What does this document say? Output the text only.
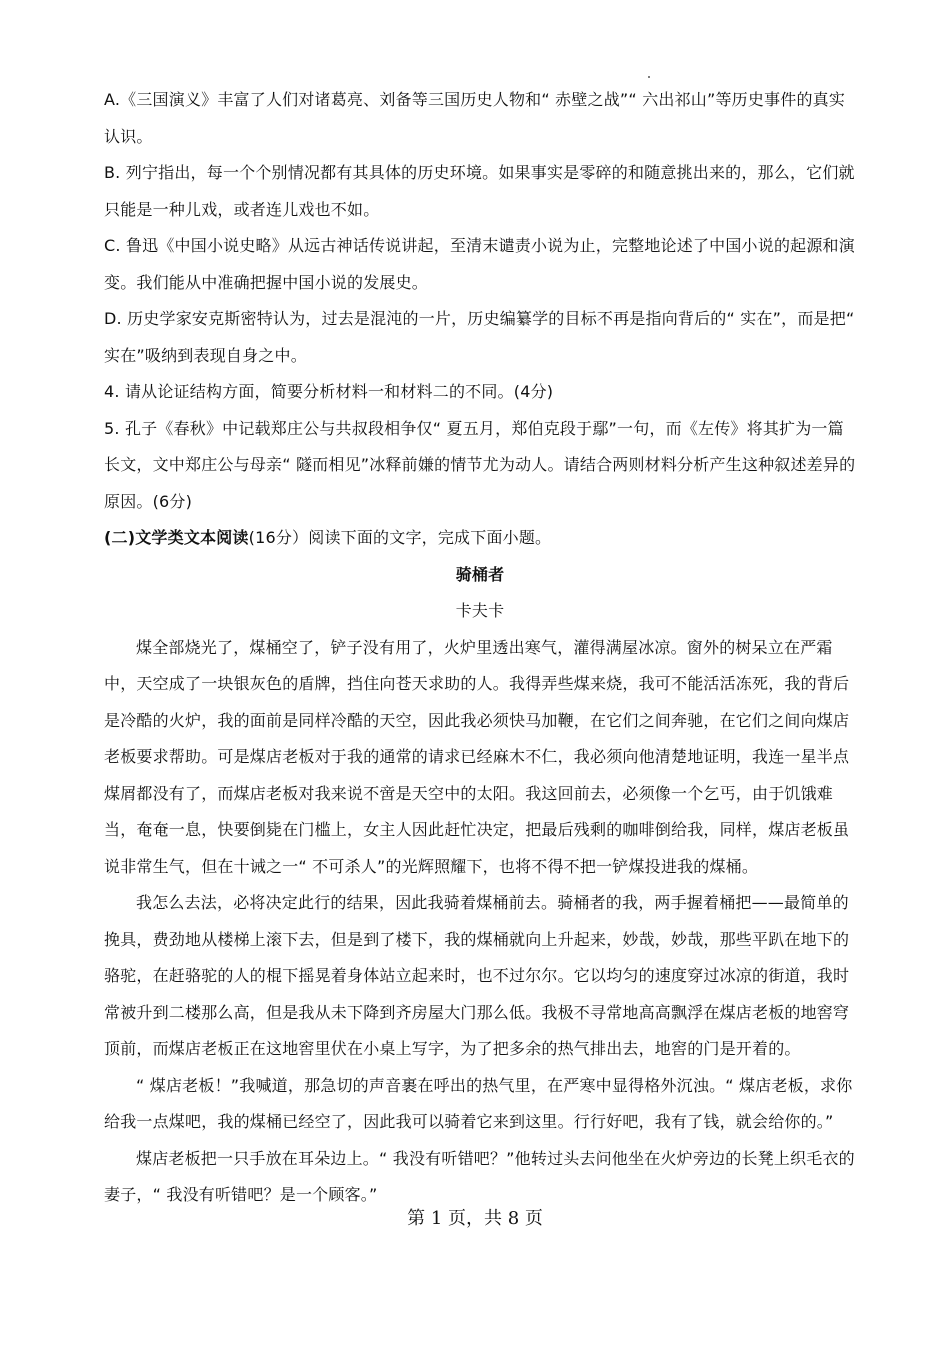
A.《三国演义》丰富了人们对诸葛亮、刘备等三国历史人物和“ 赤壁之战”“ 六出祁山”等历史事件的真实认识。

B. 列宁指出，每一个个别情况都有其具体的历史环境。如果事实是零碎的和随意挑出来的，那么，它们就只能是一种儿戏，或者连儿戏也不如。

C. 鲁迅《中国小说史略》从远古神话传说讲起，至清末谴责小说为止，完整地论述了中国小说的起源和演变。我们能从中准确把握中国小说的发展史。

D. 历史学家安克斯密特认为，过去是混沌的一片，历史编纂学的目标不再是指向背后的“ 实在”，而是把“ 实在”吸纳到表现自身之中。

4. 请从论证结构方面，简要分析材料一和材料二的不同。(4分)

5. 孔子《春秋》中记载郑庄公与共叔段相争仅“ 夏五月，郑伯克段于鄢”一句，而《左传》将其扩为一篇长文，文中郑庄公与母亲“ 隧而相见”冰释前嫌的情节尤为动人。请结合两则材料分析产生这种叙述差异的原因。(6分)

(二)文学类文本阅读(16分）阅读下面的文字，完成下面小题。

骑桶者

卡夫卡

煤全部烧光了，煤桶空了，铲子没有用了，火炉里透出寒气，灌得满屋冰凉。窗外的树呆立在严霜中，天空成了一块银灰色的盾牌，挡住向苍天求助的人。我得弄些煤来烧，我可不能活活冻死，我的背后是冷酷的火炉，我的面前是同样冷酷的天空，因此我必须快马加鞭，在它们之间奔驰，在它们之间向煤店老板要求帮助。可是煤店老板对于我的通常的请求已经麻木不仁，我必须向他清楚地证明，我连一星半点煤屑都没有了，而煤店老板对我来说不啻是天空中的太阳。我这回前去，必须像一个乞丐，由于饥饿难当，奄奄一息，快要倒毙在门槛上，女主人因此赶忙决定，把最后残剩的咖啡倒给我，同样，煤店老板虽说非常生气，但在十诫之一“ 不可杀人”的光辉照耀下，也将不得不把一铲煤投进我的煤桶。

我怎么去法，必将决定此行的结果，因此我骑着煤桶前去。骑桶者的我，两手握着桶把——最简单的挽具，费劲地从楼梯上滚下去，但是到了楼下，我的煤桶就向上升起来，妙哉，妙哉，那些平趴在地下的骆驼，在赶骆驼的人的棍下摇晃着身体站立起来时，也不过尔尔。它以均匀的速度穿过冰凉的街道，我时常被升到二楼那么高，但是我从未下降到齐房屋大门那么低。我极不寻常地高高飘浮在煤店老板的地窖穹顶前，而煤店老板正在这地窖里伏在小桌上写字，为了把多余的热气排出去，地窖的门是开着的。

“ 煤店老板！”我喊道，那急切的声音裹在呼出的热气里，在严寒中显得格外沉浊。“ 煤店老板，求你给我一点煤吧，我的煤桶已经空了，因此我可以骑着它来到这里。行行好吧，我有了钱，就会给你的。”

煤店老板把一只手放在耳朵边上。“ 我没有听错吧？”他转过头去问他坐在火炉旁边的长凳上织毛衣的妻子，“ 我没有听错吧？是一个顾客。”

第 1 页，共 8 页
